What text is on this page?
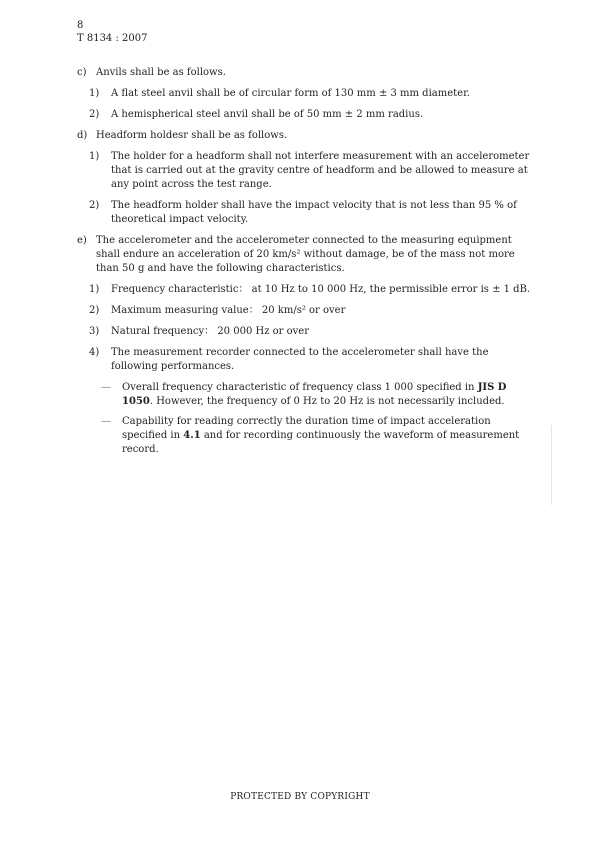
8
T 8134 : 2007
c) Anvils shall be as follows.
1) A flat steel anvil shall be of circular form of 130 mm ± 3 mm diameter.
2) A hemispherical steel anvil shall be of 50 mm ± 2 mm radius.
d) Headform holdesr shall be as follows.
1) The holder for a headform shall not interfere measurement with an accelerometer that is carried out at the gravity centre of headform and be allowed to measure at any point across the test range.
2) The headform holder shall have the impact velocity that is not less than 95 % of theoretical impact velocity.
e) The accelerometer and the accelerometer connected to the measuring equipment shall endure an acceleration of 20 km/s² without damage, be of the mass not more than 50 g and have the following characteristics.
1) Frequency characteristic： at 10 Hz to 10 000 Hz, the permissible error is ± 1 dB.
2) Maximum measuring value： 20 km/s² or over
3) Natural frequency： 20 000 Hz or over
4) The measurement recorder connected to the accelerometer shall have the following performances.
— Overall frequency characteristic of frequency class 1 000 specified in JIS D 1050. However, the frequency of 0 Hz to 20 Hz is not necessarily included.
— Capability for reading correctly the duration time of impact acceleration specified in 4.1 and for recording continuously the waveform of measurement record.
PROTECTED BY COPYRIGHT
